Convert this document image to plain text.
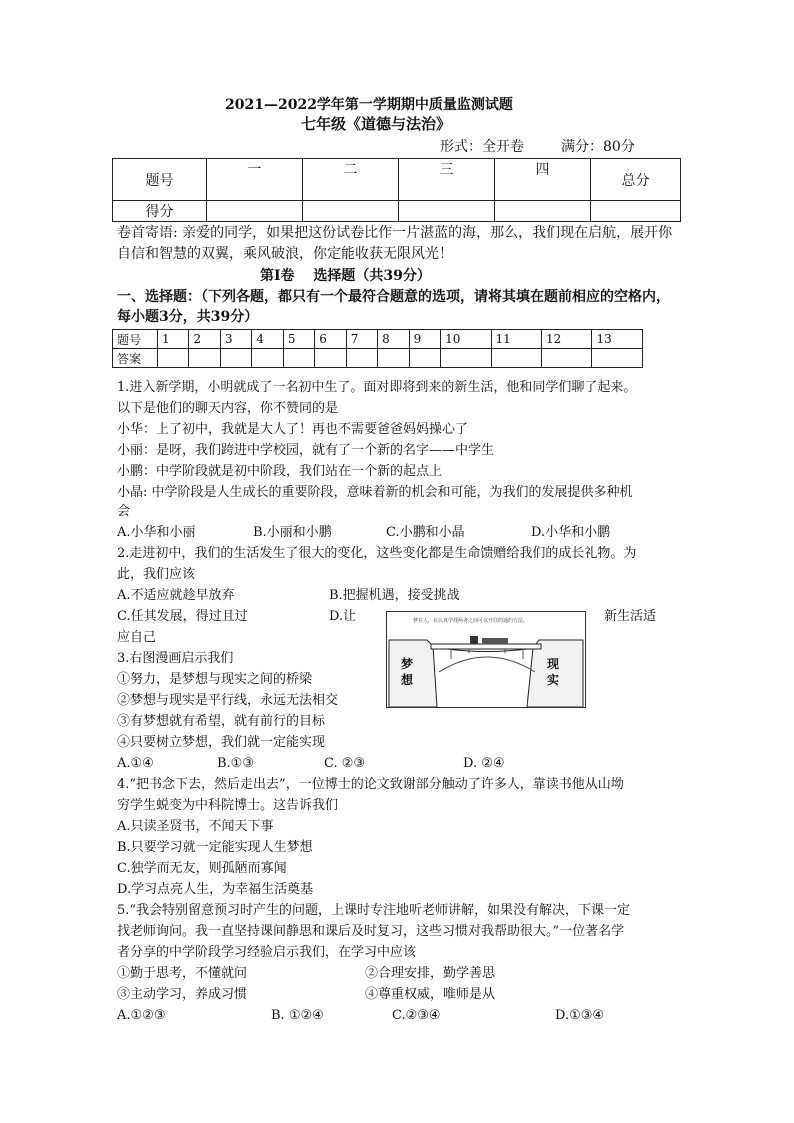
2021—2022学年第一学期期中质量监测试题
七年级《道德与法治》
形式：全开卷	满分：80分
题号	一	二	三	四	总分
得分					
卷首寄语: 亲爱的同学，如果把这份试卷比作一片湛蓝的海，那么，我们现在启航，展开你
自信和智慧的双翼，乘风破浪，你定能收获无限风光！
第Ⅰ卷　 选择题（共39分）
一、选择题：（下列各题，都只有一个最符合题意的选项，请将其填在题前相应的空格内，
每小题3分，共39分）
题号	1	2	3	4	5	6	7	8	9	10	11	12	13
答案													
1.进入新学期，小明就成了一名初中生了。面对即将到来的新生活，他和同学们聊了起来。
以下是他们的聊天内容，你不赞同的是
小华：上了初中，我就是大人了！再也不需要爸爸妈妈操心了
小丽：是呀，我们跨进中学校园，就有了一个新的名字——中学生
小鹏：中学阶段就是初中阶段，我们站在一个新的起点上
小晶: 中学阶段是人生成长的重要阶段，意味着新的机会和可能，为我们的发展提供多种机
会
A.小华和小丽	B.小丽和小鹏	C.小鹏和小晶	D.小华和小鹏
2.走进初中，我们的生活发生了很大的变化，这些变化都是生命馈赠给我们的成长礼物。为
此，我们应该
A.不适应就趁早放弃	B.把握机遇，接受挑战
C.任其发展，得过且过	D.让	新生活适
应自己
梦在人，在认真学找两者之间可以开往的通的方法。
梦想
现实
3.右图漫画启示我们
①努力，是梦想与现实之间的桥梁
②梦想与现实是平行线，永远无法相交
③有梦想就有希望，就有前行的目标
④只要树立梦想，我们就一定能实现
A.①④	B.①③	C. ②③	D. ②④
4.“把书念下去，然后走出去”，一位博士的论文致谢部分触动了许多人，靠读书他从山坳
穷学生蜕变为中科院博士。这告诉我们
A.只读圣贤书，不闻天下事
B.只要学习就一定能实现人生梦想
C.独学而无友，则孤陋而寡闻
D.学习点亮人生，为幸福生活奠基
5.“我会特别留意预习时产生的问题，上课时专注地听老师讲解，如果没有解决，下课一定
找老师询问。我一直坚持课间静思和课后及时复习，这些习惯对我帮助很大。”一位著名学
者分享的中学阶段学习经验启示我们，在学习中应该
①勤于思考，不懂就问	②合理安排，勤学善思
③主动学习，养成习惯	④尊重权威，唯师是从
A.①②③	B. ①②④	C.②③④	D.①③④
